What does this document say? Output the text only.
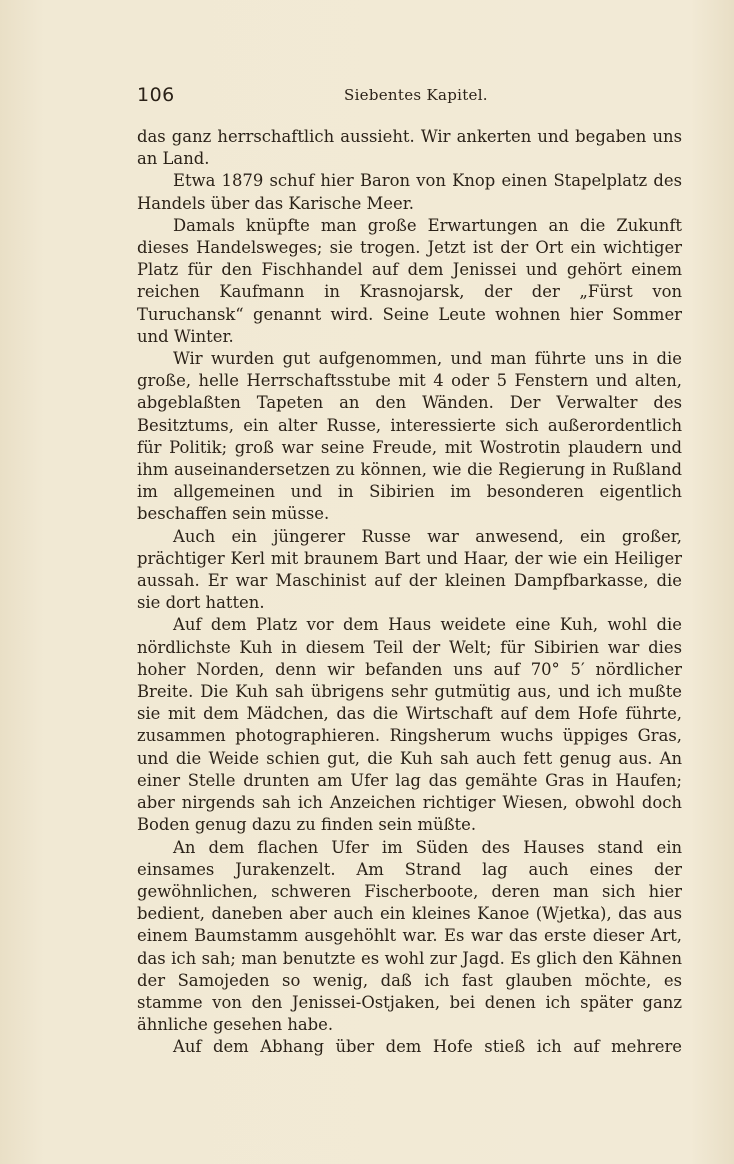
106	Siebentes Kapitel.

das ganz herrschaftlich aussieht. Wir ankerten und begaben uns an Land.

Etwa 1879 schuf hier Baron von Knop einen Stapelplatz des Handels über das Karische Meer.

Damals knüpfte man große Erwartungen an die Zukunft dieses Handelsweges; sie trogen. Jetzt ist der Ort ein wichtiger Platz für den Fischhandel auf dem Jenissei und gehört einem reichen Kaufmann in Krasnojarsk, der der „Fürst von Turuchansk“ genannt wird. Seine Leute wohnen hier Sommer und Winter.

Wir wurden gut aufgenommen, und man führte uns in die große, helle Herrschaftsstube mit 4 oder 5 Fenstern und alten, abgeblaßten Tapeten an den Wänden. Der Verwalter des Besitztums, ein alter Russe, interessierte sich außerordentlich für Politik; groß war seine Freude, mit Wostrotin plaudern und ihm auseinandersetzen zu können, wie die Regierung in Rußland im allgemeinen und in Sibirien im besonderen eigentlich beschaffen sein müsse.

Auch ein jüngerer Russe war anwesend, ein großer, prächtiger Kerl mit braunem Bart und Haar, der wie ein Heiliger aussah. Er war Maschinist auf der kleinen Dampfbarkasse, die sie dort hatten.

Auf dem Platz vor dem Haus weidete eine Kuh, wohl die nördlichste Kuh in diesem Teil der Welt; für Sibirien war dies hoher Norden, denn wir befanden uns auf 70° 5′ nördlicher Breite. Die Kuh sah übrigens sehr gutmütig aus, und ich mußte sie mit dem Mädchen, das die Wirtschaft auf dem Hofe führte, zusammen photographieren. Ringsherum wuchs üppiges Gras, und die Weide schien gut, die Kuh sah auch fett genug aus. An einer Stelle drunten am Ufer lag das gemähte Gras in Haufen; aber nirgends sah ich Anzeichen richtiger Wiesen, obwohl doch Boden genug dazu zu finden sein müßte.

An dem flachen Ufer im Süden des Hauses stand ein einsames Jurakenzelt. Am Strand lag auch eines der gewöhnlichen, schweren Fischerboote, deren man sich hier bedient, daneben aber auch ein kleines Kanoe (Wjetka), das aus einem Baumstamm ausgehöhlt war. Es war das erste dieser Art, das ich sah; man benutzte es wohl zur Jagd. Es glich den Kähnen der Samojeden so wenig, daß ich fast glauben möchte, es stamme von den Jenissei-Ostjaken, bei denen ich später ganz ähnliche gesehen habe.

Auf dem Abhang über dem Hofe stieß ich auf mehrere
